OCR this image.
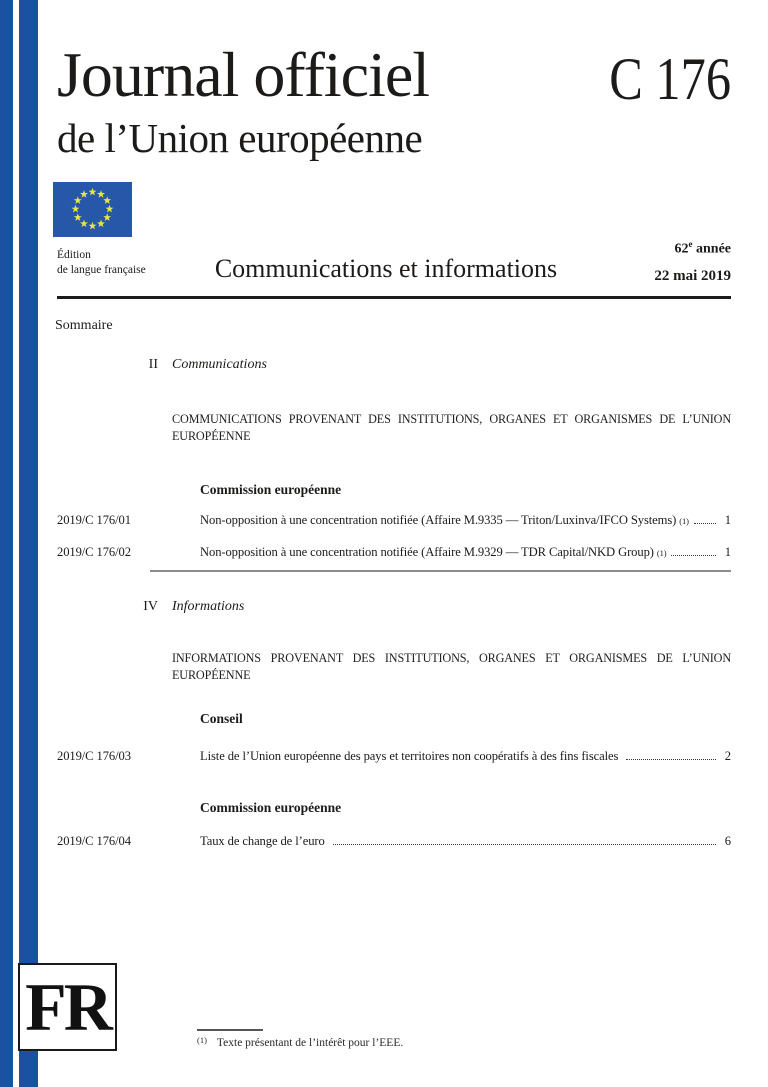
Journal officiel	C 176
de l’Union européenne
Édition
de langue française	Communications et informations
62e année
22 mai 2019
Sommaire
II Communications
COMMUNICATIONS PROVENANT DES INSTITUTIONS, ORGANES ET ORGANISMES DE L’UNION EUROPÉENNE
Commission européenne
2019/C 176/01	Non-opposition à une concentration notifiée (Affaire M.9335 — Triton/Luxinva/IFCO Systems) (1)	1
2019/C 176/02	Non-opposition à une concentration notifiée (Affaire M.9329 — TDR Capital/NKD Group) (1)	1
IV Informations
INFORMATIONS PROVENANT DES INSTITUTIONS, ORGANES ET ORGANISMES DE L’UNION EUROPÉENNE
Conseil
2019/C 176/03	Liste de l’Union européenne des pays et territoires non coopératifs à des fins fiscales	2
Commission européenne
2019/C 176/04	Taux de change de l’euro	6
FR	$^{(1)}$ Texte présentant de l’intérêt pour l’EEE.
